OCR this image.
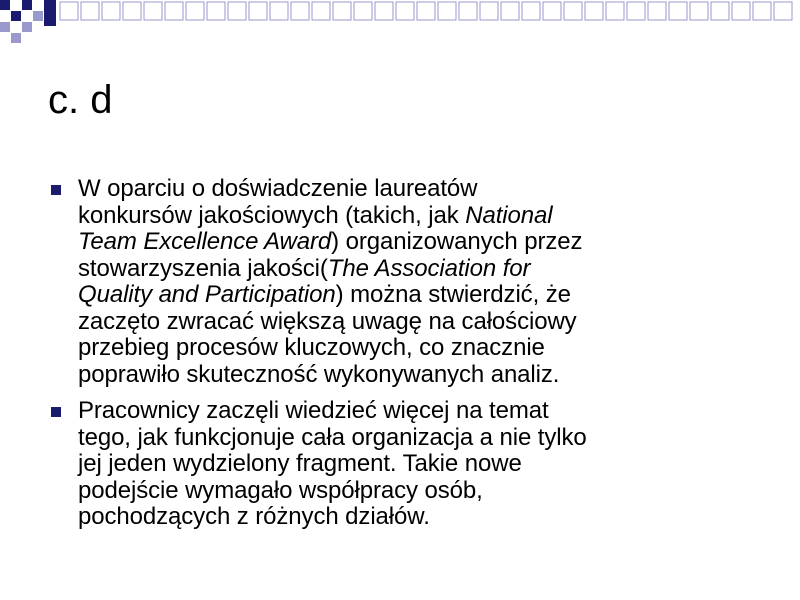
c. d
W oparciu o doświadczenie laureatów
konkursów jakościowych (takich, jak National
Team Excellence Award) organizowanych przez
stowarzyszenia jakości(The Association for
Quality and Participation) można stwierdzić, że
zaczęto zwracać większą uwagę na całościowy
przebieg procesów kluczowych, co znacznie
poprawiło skuteczność wykonywanych analiz.
Pracownicy zaczęli wiedzieć więcej na temat
tego, jak funkcjonuje cała organizacja a nie tylko
jej jeden wydzielony fragment. Takie nowe
podejście wymagało współpracy osób,
pochodzących z różnych działów.
